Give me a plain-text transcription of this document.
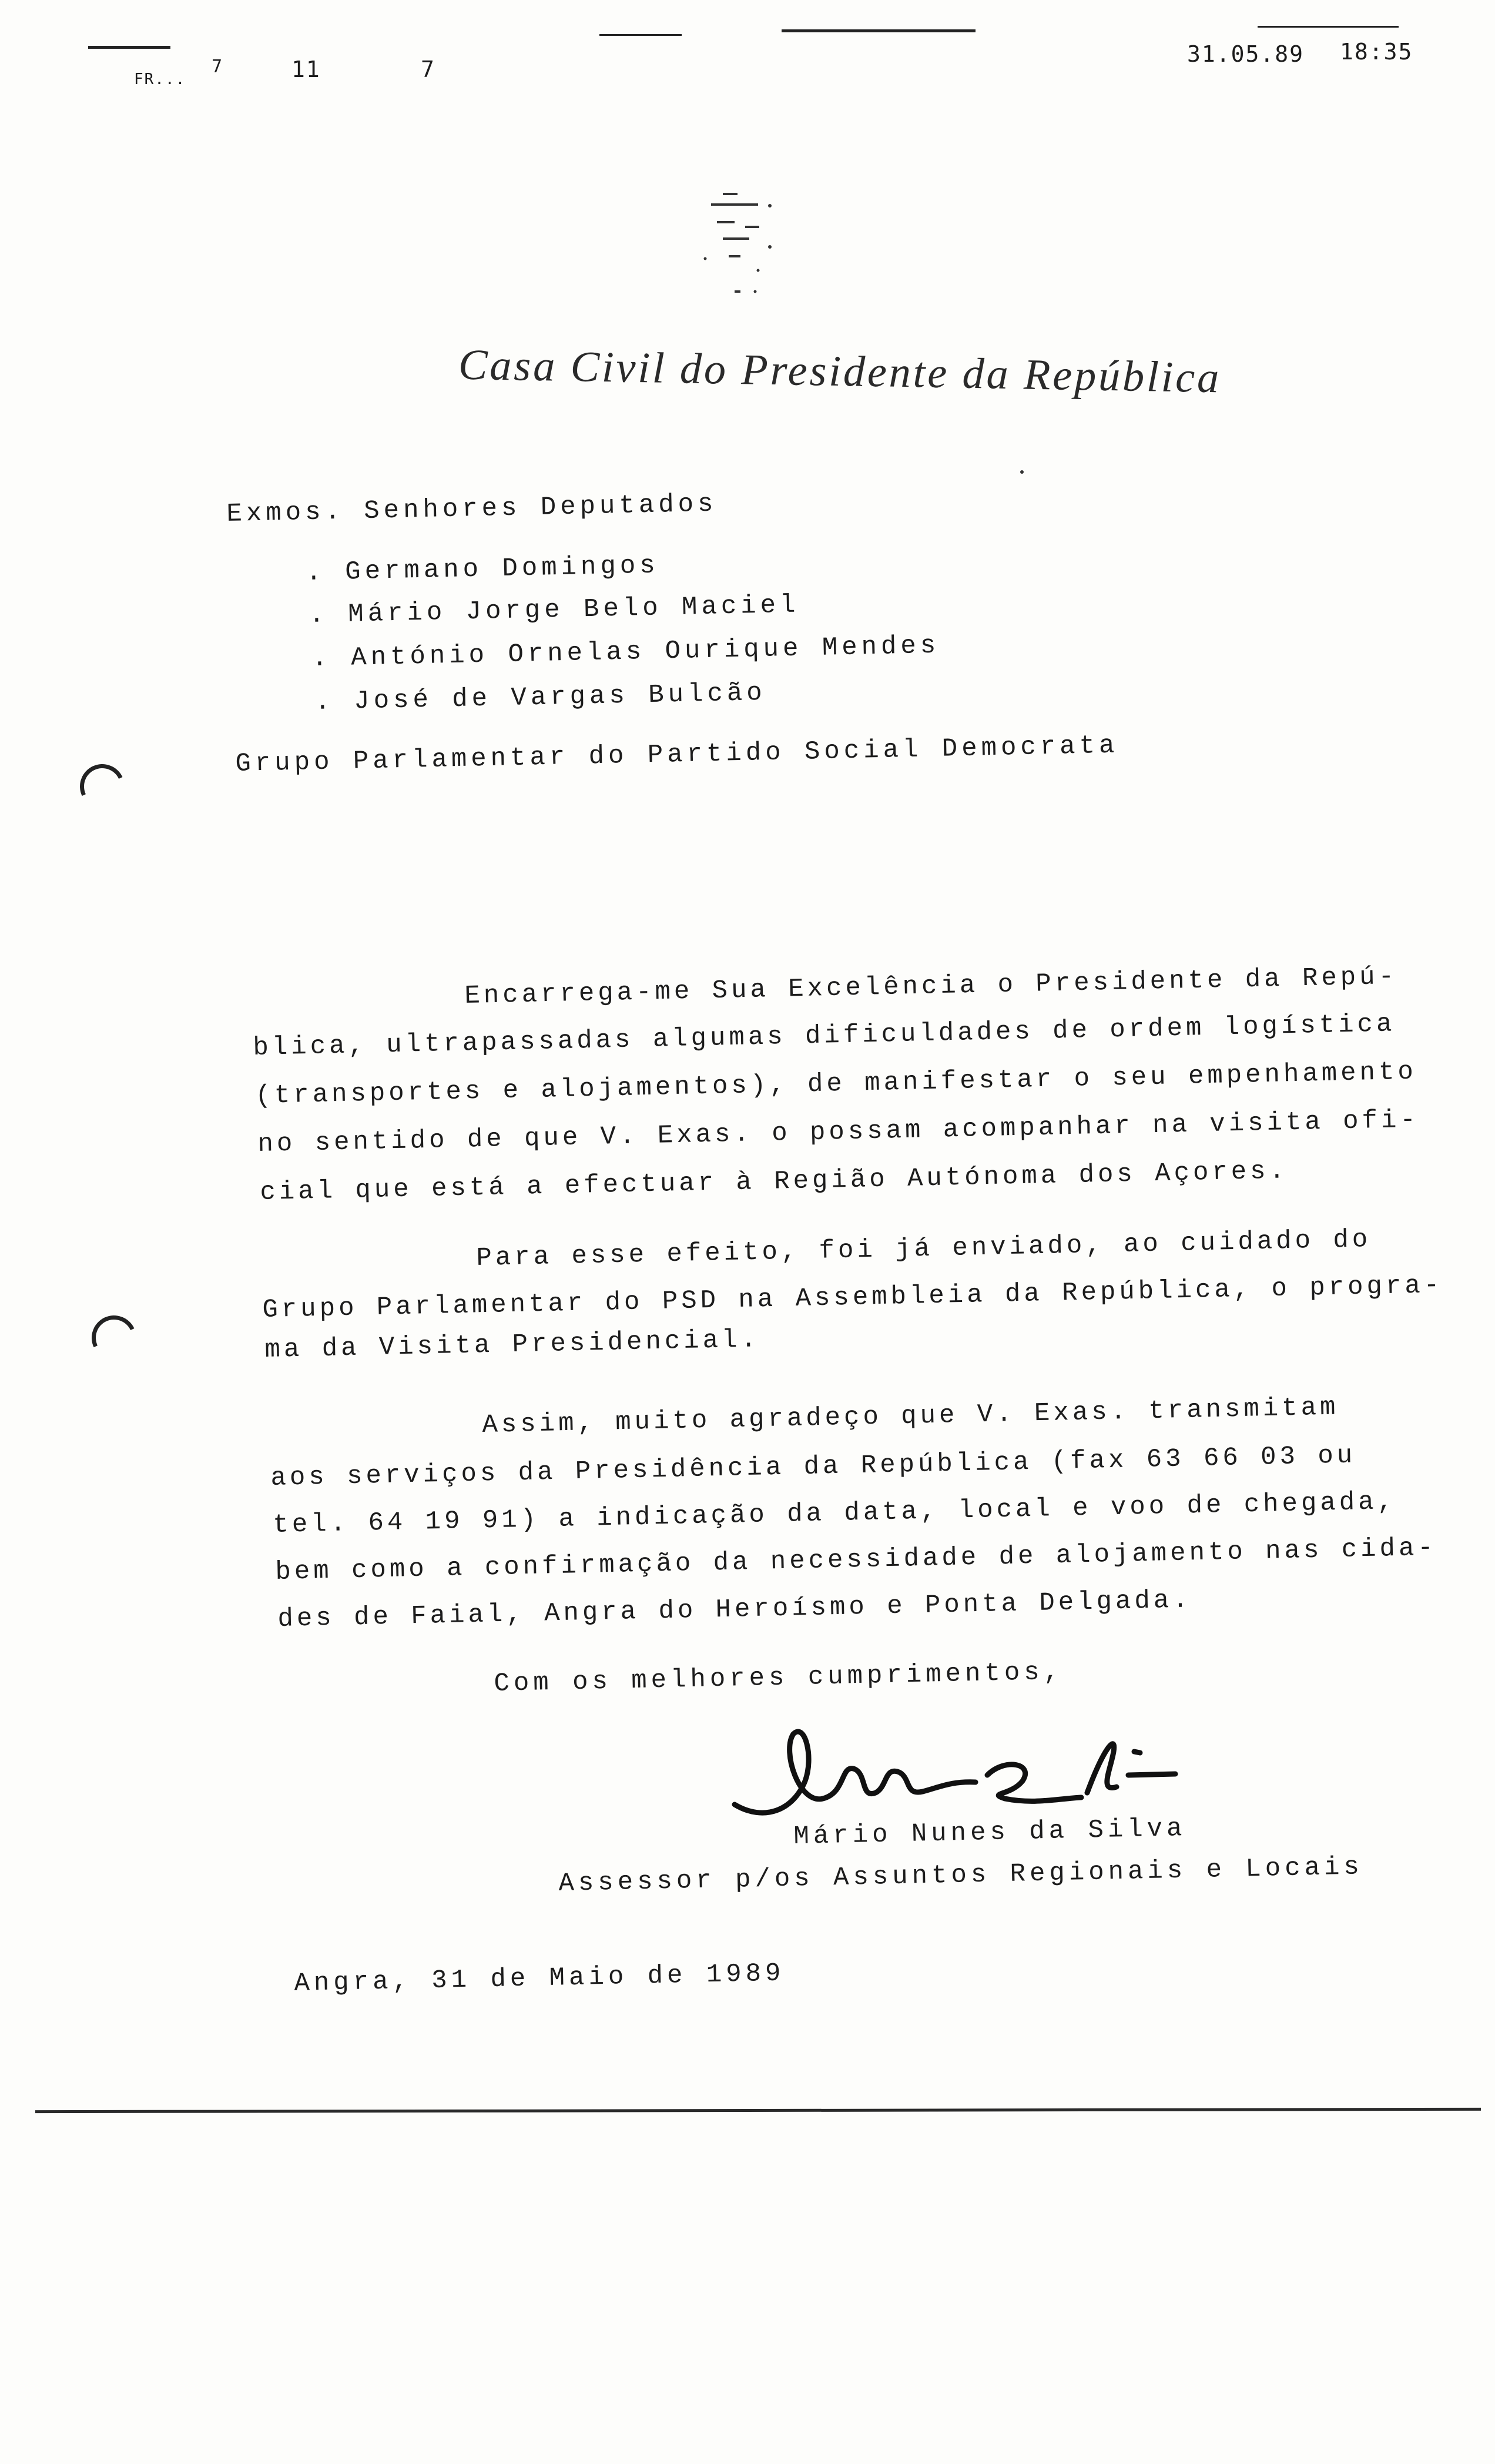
FR...
7	11	7
31.05.89 18:35
Casa Civil do Presidente da República
Exmos. Senhores Deputados
. Germano Domingos
. Mário Jorge Belo Maciel
. António Ornelas Ourique Mendes
. José de Vargas Bulcão
Grupo Parlamentar do Partido Social Democrata
Encarrega-me Sua Excelência o Presidente da Repú-
blica, ultrapassadas algumas dificuldades de ordem logística
(transportes e alojamentos), de manifestar o seu empenhamento
no sentido de que V. Exas. o possam acompanhar na visita ofi-
cial que está a efectuar à Região Autónoma dos Açores.
Para esse efeito, foi já enviado, ao cuidado do
Grupo Parlamentar do PSD na Assembleia da República, o progra-
ma da Visita Presidencial.
Assim, muito agradeço que V. Exas. transmitam
aos serviços da Presidência da República (fax 63 66 03 ou
tel. 64 19 91) a indicação da data, local e voo de chegada,
bem como a confirmação da necessidade de alojamento nas cida-
des de Faial, Angra do Heroísmo e Ponta Delgada.
Com os melhores cumprimentos,
Mário Nunes da Silva
Assessor p/os Assuntos Regionais e Locais
Angra, 31 de Maio de 1989
